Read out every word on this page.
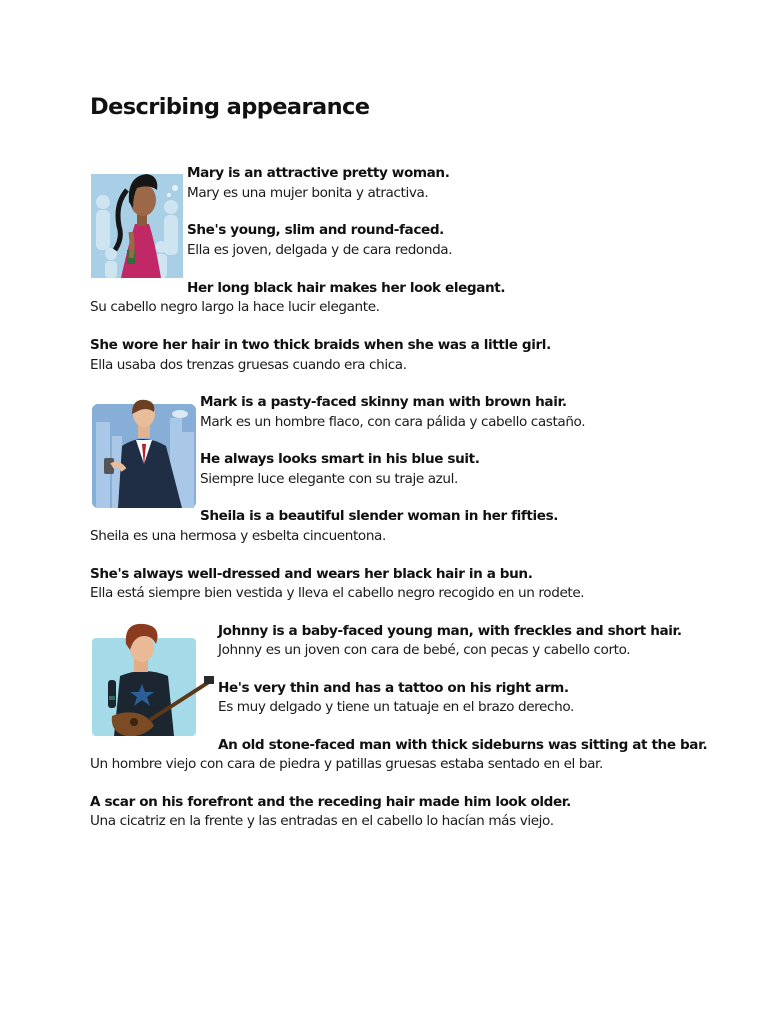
Describing appearance

Mary is an attractive pretty woman.

Mary es una mujer bonita y atractiva.

She's young, slim and round-faced.

Ella es joven, delgada y de cara redonda.

Her long black hair makes her look elegant.

Su cabello negro largo la hace lucir elegante.

She wore her hair in two thick braids when she was a little girl.

Ella usaba dos trenzas gruesas cuando era chica.

Mark is a pasty-faced skinny man with brown hair.

Mark es un hombre flaco, con cara pálida y cabello castaño.

He always looks smart in his blue suit.

Siempre luce elegante con su traje azul.

Sheila is a beautiful slender woman in her fifties.

Sheila es una hermosa y esbelta cincuentona.

She's always well-dressed and wears her black hair in a bun.

Ella está siempre bien vestida y lleva el cabello negro recogido en un rodete.

Johnny is a baby-faced young man, with freckles and short hair.

Johnny es un joven con cara de bebé, con pecas y cabello corto.

He's very thin and has a tattoo on his right arm.

Es muy delgado y tiene un tatuaje en el brazo derecho.

An old stone-faced man with thick sideburns was sitting at the bar.

Un hombre viejo con cara de piedra y patillas gruesas estaba sentado en el bar.

A scar on his forefront and the receding hair made him look older.

Una cicatriz en la frente y las entradas en el cabello lo hacían más viejo.
